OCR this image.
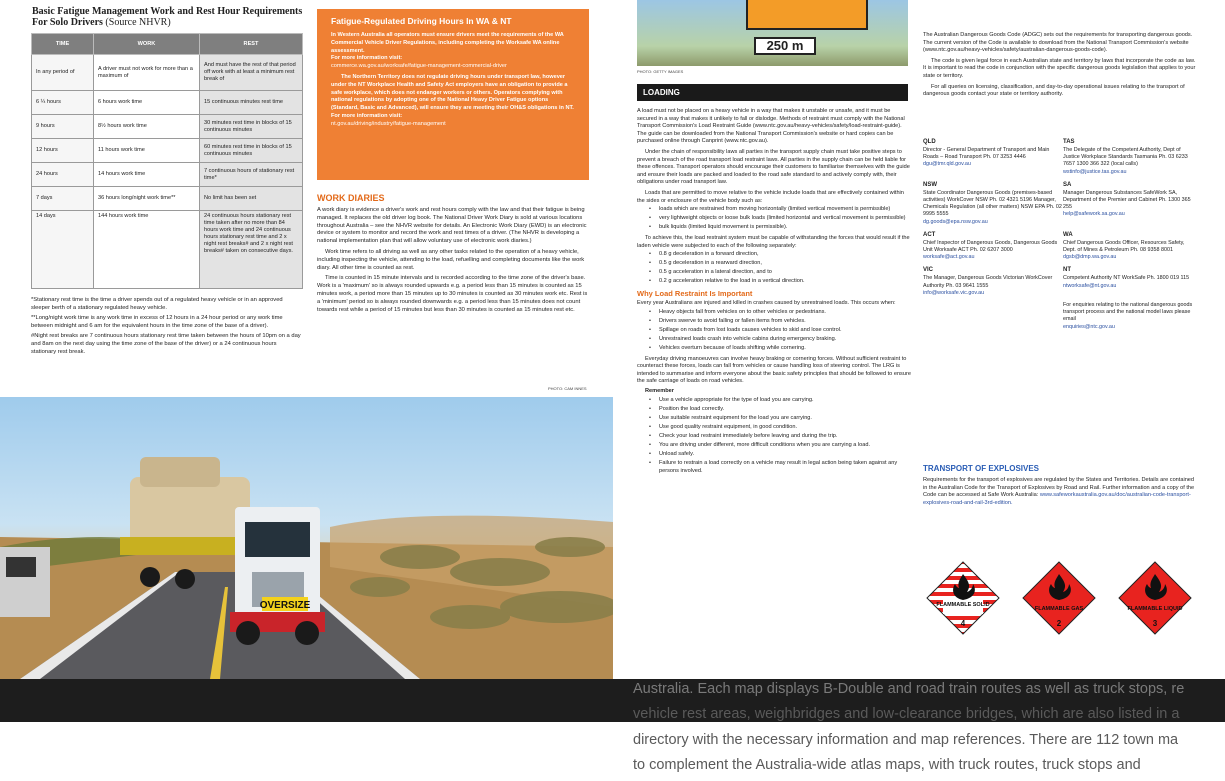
Basic Fatigue Management Work and Rest Hour Requirements
For Solo Drivers (Source NHVR)
TIME	WORK	REST
In any period of	A driver must not work for more than a maximum of	And must have the rest of that period off work with at least a minimum rest break of
6 ¼ hours	6 hours work time	15 continuous minutes rest time
9 hours	8½ hours work time	30 minutes rest time in blocks of 15 continuous minutes
12 hours	11 hours work time	60 minutes rest time in blocks of 15 continuous minutes
24 hours	14 hours work time	7 continuous hours of stationary rest time*
7 days	36 hours long/night work time**	No limit has been set
14 days	144 hours work time	24 continuous hours stationary rest time taken after no more than 84 hours work time and 24 continuous hours stationary rest time and 2 x night rest breaks# and 2 x night rest breaks# taken on consecutive days.

*Stationary rest time is the time a driver spends out of a regulated heavy vehicle or in an approved sleeper berth of a stationary regulated heavy vehicle.

**Long/night work time is any work time in excess of 12 hours in a 24 hour period or any work time between midnight and 6 am for the equivalent hours in the time zone of the base of a driver).

#Night rest breaks are 7 continuous hours stationary rest time taken between the hours of 10pm on a day and 8am on the next day using the time zone of the base of the driver) or a 24 continuous hours stationary rest break.

Fatigue-Regulated Driving Hours In WA & NT

In Western Australia all operators must ensure drivers meet the requirements of the WA Commercial Vehicle Driver Regulations, including completing the Worksafe WA online assessment.

For more information visit:

commerce.wa.gov.au/worksafe/fatigue-management-commercial-driver

The Northern Territory does not regulate driving hours under transport law, however under the NT Workplace Health and Safety Act employers have an obligation to provide a safe workplace, which does not endanger workers or others. Operators complying with national regulations by adopting one of the National Heavy Driver Fatigue options (Standard, Basic and Advanced), will ensure they are meeting their OH&S obligations in NT.

For more information visit:

nt.gov.au/driving/industry/fatigue-management

WORK DIARIES

A work diary is evidence a driver's work and rest hours comply with the law and that their fatigue is being managed. It replaces the old driver log book. The National Driver Work Diary is sold at various locations throughout Australia – see the NHVR website for details. An Electronic Work Diary (EWD) is an electronic device or system to monitor and record the work and rest times of a driver. (The NHVR is developing a national implementation plan that will allow voluntary use of electronic work diaries.)

Work time refers to all driving as well as any other tasks related to the operation of a heavy vehicle, including inspecting the vehicle, attending to the load, refuelling and completing documents like the work diary. All other time is counted as rest.

Time is counted in 15 minute intervals and is recorded according to the time zone of the driver's base. Work is a 'maximum' so is always rounded upwards e.g. a period less than 15 minutes is counted as 15 minutes work, a period more than 15 minutes up to 30 minutes is counted as 30 minutes work etc. Rest is a 'minimum' period so is always rounded downwards e.g. a period less than 15 minutes does not count towards rest while a period of 15 minutes but less than 30 minutes is counted as 15 minutes rest etc.

PHOTO: CAM INNES
OVERSIZE
250 m
PHOTO: GETTY IMAGES
LOADING

A load must not be placed on a heavy vehicle in a way that makes it unstable or unsafe, and it must be secured in a way that makes it unlikely to fall or dislodge. Methods of restraint must comply with the National Transport Commission's Load Restraint Guide (www.ntc.gov.au/heavy-vehicles/safety/load-restraint-guide). The guide can be downloaded from the National Transport Commission's website or hard copies can be purchased online through Canprint (www.ntc.gov.au).

Under the chain of responsibility laws all parties in the transport supply chain must take positive steps to prevent a breach of the road transport load restraint laws. All parties in the supply chain can be held liable for these offences. Transport operators should encourage their customers to familiarise themselves with the guide and ensure their loads are packed and loaded to the road safe standard to and actively comply with, their obligations under road transport law.

Loads that are permitted to move relative to the vehicle include loads that are effectively contained within the sides or enclosure of the vehicle body such as:

• loads which are restrained from moving horizontally (limited vertical movement is permissible)
• very lightweight objects or loose bulk loads (limited horizontal and vertical movement is permissible)
• bulk liquids (limited liquid movement is permissible).

To achieve this, the load restraint system must be capable of withstanding the forces that would result if the laden vehicle were subjected to each of the following separately:

• 0.8 g deceleration in a forward direction,
• 0.5 g deceleration in a rearward direction,
• 0.5 g acceleration in a lateral direction, and to
• 0.2 g acceleration relative to the load in a vertical direction.
Why Load Restraint Is Important

Every year Australians are injured and killed in crashes caused by unrestrained loads. This occurs when:

• Heavy objects fall from vehicles on to other vehicles or pedestrians.
• Drivers swerve to avoid falling or fallen items from vehicles.
• Spillage on roads from lost loads causes vehicles to skid and lose control.
• Unrestrained loads crash into vehicle cabins during emergency braking.
• Vehicles overturn because of loads shifting while cornering.

Everyday driving manoeuvres can involve heavy braking or cornering forces. Without sufficient restraint to counteract these forces, loads can fall from vehicles or cause handling loss of steering control. The LRG is intended to summarise and inform everyone about the basic safety principles that should be followed to ensure the safe carriage of loads on road vehicles.

Remember
• Use a vehicle appropriate for the type of load you are carrying.
• Position the load correctly.
• Use suitable restraint equipment for the load you are carrying.
• Use good quality restraint equipment, in good condition.
• Check your load restraint immediately before leaving and during the trip.
• You are driving under different, more difficult conditions when you are carrying a load.
• Unload safely.
• Failure to restrain a load correctly on a vehicle may result in legal action being taken against any persons involved.

The Australian Dangerous Goods Code (ADGC) sets out the requirements for transporting dangerous goods. The current version of the Code is available to download from the National Transport Commission's website (www.ntc.gov.au/heavy-vehicles/safety/australian-dangerous-goods-code).

The code is given legal force in each Australian state and territory by laws that incorporate the code as law. It is important to read the code in conjunction with the specific dangerous goods legislation that applies to your state or territory.

For all queries on licensing, classification, and day-to-day operational issues relating to the transport of dangerous goods contact your state or territory authority.

QLD
Director - General Department of Transport and Main Roads – Road Transport Ph. 07 3253 4446
dgu@tmr.qld.gov.au
TAS
The Delegate of the Competent Authority, Dept of Justice Workplace Standards Tasmania Ph. 03 6233 7657 1300 366 322 (local calls)
wstinfo@justice.tas.gov.au
NSW
State Coordinator Dangerous Goods (premises-based activities) WorkCover NSW Ph. 02 4321 5196 Manager, Chemicals Regulation (all other matters) NSW EPA Ph. 02 9995 5555
dg.goods@epa.nsw.gov.au
SA
Manager Dangerous Substances SafeWork SA, Department of the Premier and Cabinet Ph. 1300 365 255
help@safework.sa.gov.au
ACT
Chief Inspector of Dangerous Goods, Dangerous Goods Unit Worksafe ACT Ph. 02 6207 3000
worksafe@act.gov.au
WA
Chief Dangerous Goods Officer, Resources Safety, Dept. of Mines & Petroleum Ph. 08 9358 8001
dgsb@dmp.wa.gov.au
VIC
The Manager, Dangerous Goods Victorian WorkCover Authority Ph. 03 9641 1555
info@worksafe.vic.gov.au
NT
Competent Authority NT WorkSafe Ph. 1800 019 115
ntworksafe@nt.gov.au
For enquiries relating to the national dangerous goods transport process and the national model laws please email
enquiries@ntc.gov.au
TRANSPORT OF EXPLOSIVES
Requirements for the transport of explosives are regulated by the States and Territories. Details are contained in the Australian Code for the Transport of Explosives by Road and Rail. Further information and a copy of the Code can be accessed at Safe Work Australia: www.safeworkaustralia.gov.au/doc/australian-code-transport-explosives-road-and-rail-3rd-edition.
FLAMMABLE SOLID
4
FLAMMABLE GAS
2
FLAMMABLE LIQUID
3
Australia. Each map displays B-Double and road train routes as well as truck stops, re
vehicle rest areas, weighbridges and low-clearance bridges, which are also listed in a
directory with the necessary information and map references. There are 112 town ma
to complement the Australia-wide atlas maps, with truck routes, truck stops and
